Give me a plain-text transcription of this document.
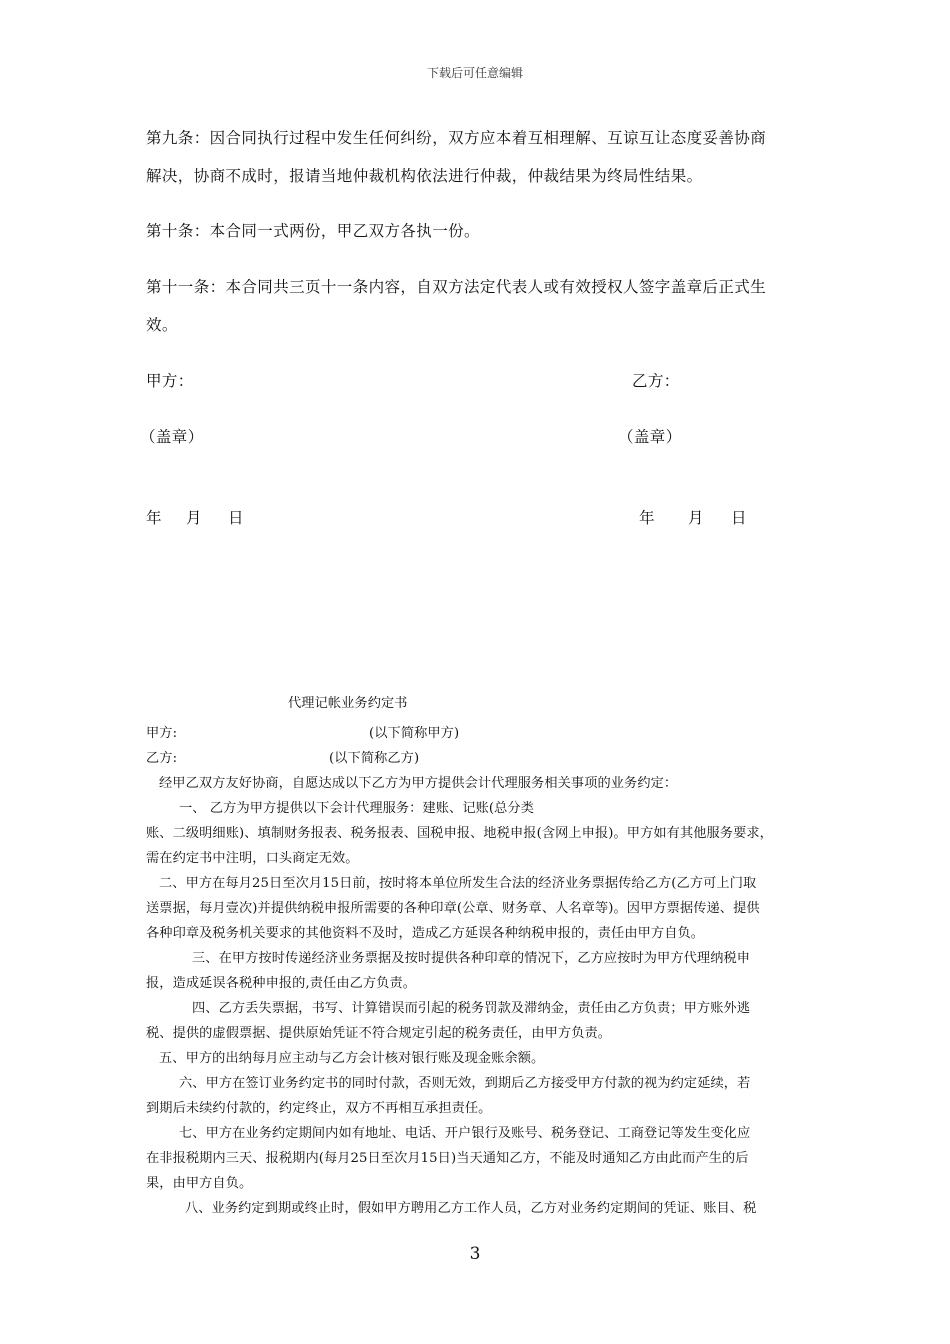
下载后可任意编辑
第九条：因合同执行过程中发生任何纠纷，双方应本着互相理解、互谅互让态度妥善协商
解决，协商不成时，报请当地仲裁机构依法进行仲裁，仲裁结果为终局性结果。
第十条：本合同一式两份，甲乙双方各执一份。
第十一条：本合同共三页十一条内容，自双方法定代表人或有效授权人签字盖章后正式生
效。
甲方：	乙方：
（盖章）	（盖章）
年 月 日	年 月 日
代理记帐业务约定书
甲方:	(以下简称甲方)
乙方:	(以下简称乙方)
经甲乙双方友好协商，自愿达成以下乙方为甲方提供会计代理服务相关事项的业务约定：
一、 乙方为甲方提供以下会计代理服务：建账、记账(总分类
账、二级明细账)、填制财务报表、税务报表、国税申报、地税申报(含网上申报)。甲方如有其他服务要求，
需在约定书中注明，口头商定无效。
二、甲方在每月25日至次月15日前，按时将本单位所发生合法的经济业务票据传给乙方(乙方可上门取
送票据，每月壹次)并提供纳税申报所需要的各种印章(公章、财务章、人名章等)。因甲方票据传递、提供
各种印章及税务机关要求的其他资料不及时，造成乙方延误各种纳税申报的，责任由甲方自负。
三、在甲方按时传递经济业务票据及按时提供各种印章的情况下，乙方应按时为甲方代理纳税申
报，造成延误各税种申报的,责任由乙方负责。
四、乙方丢失票据，书写、计算错误而引起的税务罚款及滞纳金，责任由乙方负责；甲方账外逃
税、提供的虚假票据、提供原始凭证不符合规定引起的税务责任，由甲方负责。
五、甲方的出纳每月应主动与乙方会计核对银行账及现金账余额。
六、甲方在签订业务约定书的同时付款，否则无效，到期后乙方接受甲方付款的视为约定延续，若
到期后未续约付款的，约定终止，双方不再相互承担责任。
七、甲方在业务约定期间内如有地址、电话、开户银行及账号、税务登记、工商登记等发生变化应
在非报税期内三天、报税期内(每月25日至次月15日)当天通知乙方，不能及时通知乙方由此而产生的后
果，由甲方自负。
八、业务约定到期或终止时，假如甲方聘用乙方工作人员，乙方对业务约定期间的凭证、账目、税
3
